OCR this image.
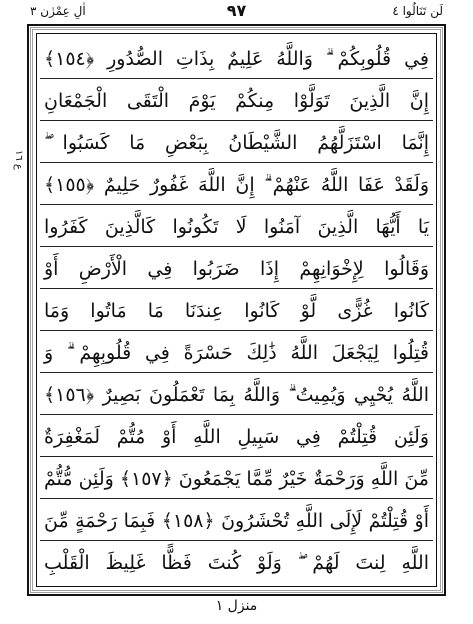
لَن تَنَالُوا ٤
٩٧
اٰلِ عِمْرٰن ٣
ع ١٦
فِي قُلُوبِكُمْ ۗ وَاللَّهُ عَلِيمٌ بِذَاتِ الصُّدُورِ ﴿١٥٤﴾
إِنَّ الَّذِينَ تَوَلَّوْا مِنكُمْ يَوْمَ الْتَقَى الْجَمْعَانِ
إِنَّمَا اسْتَزَلَّهُمُ الشَّيْطَانُ بِبَعْضِ مَا كَسَبُوا ۖ
وَلَقَدْ عَفَا اللَّهُ عَنْهُمْ ۗ إِنَّ اللَّهَ غَفُورٌ حَلِيمٌ ﴿١٥٥﴾
يَا أَيُّهَا الَّذِينَ آمَنُوا لَا تَكُونُوا كَالَّذِينَ كَفَرُوا
وَقَالُوا لِإِخْوَانِهِمْ إِذَا ضَرَبُوا فِي الْأَرْضِ أَوْ
كَانُوا غُزًّى لَّوْ كَانُوا عِندَنَا مَا مَاتُوا وَمَا
قُتِلُوا لِيَجْعَلَ اللَّهُ ذَٰلِكَ حَسْرَةً فِي قُلُوبِهِمْ ۗ وَ
اللَّهُ يُحْيِي وَيُمِيتُ ۗ وَاللَّهُ بِمَا تَعْمَلُونَ بَصِيرٌ ﴿١٥٦﴾
وَلَئِن قُتِلْتُمْ فِي سَبِيلِ اللَّهِ أَوْ مُتُّمْ لَمَغْفِرَةٌ
مِّنَ اللَّهِ وَرَحْمَةٌ خَيْرٌ مِّمَّا يَجْمَعُونَ ﴿١٥٧﴾ وَلَئِن مُّتُّمْ
أَوْ قُتِلْتُمْ لَإِلَى اللَّهِ تُحْشَرُونَ ﴿١٥٨﴾ فَبِمَا رَحْمَةٍ مِّنَ
اللَّهِ لِنتَ لَهُمْ ۖ وَلَوْ كُنتَ فَظًّا غَلِيظَ الْقَلْبِ
منزل ١
